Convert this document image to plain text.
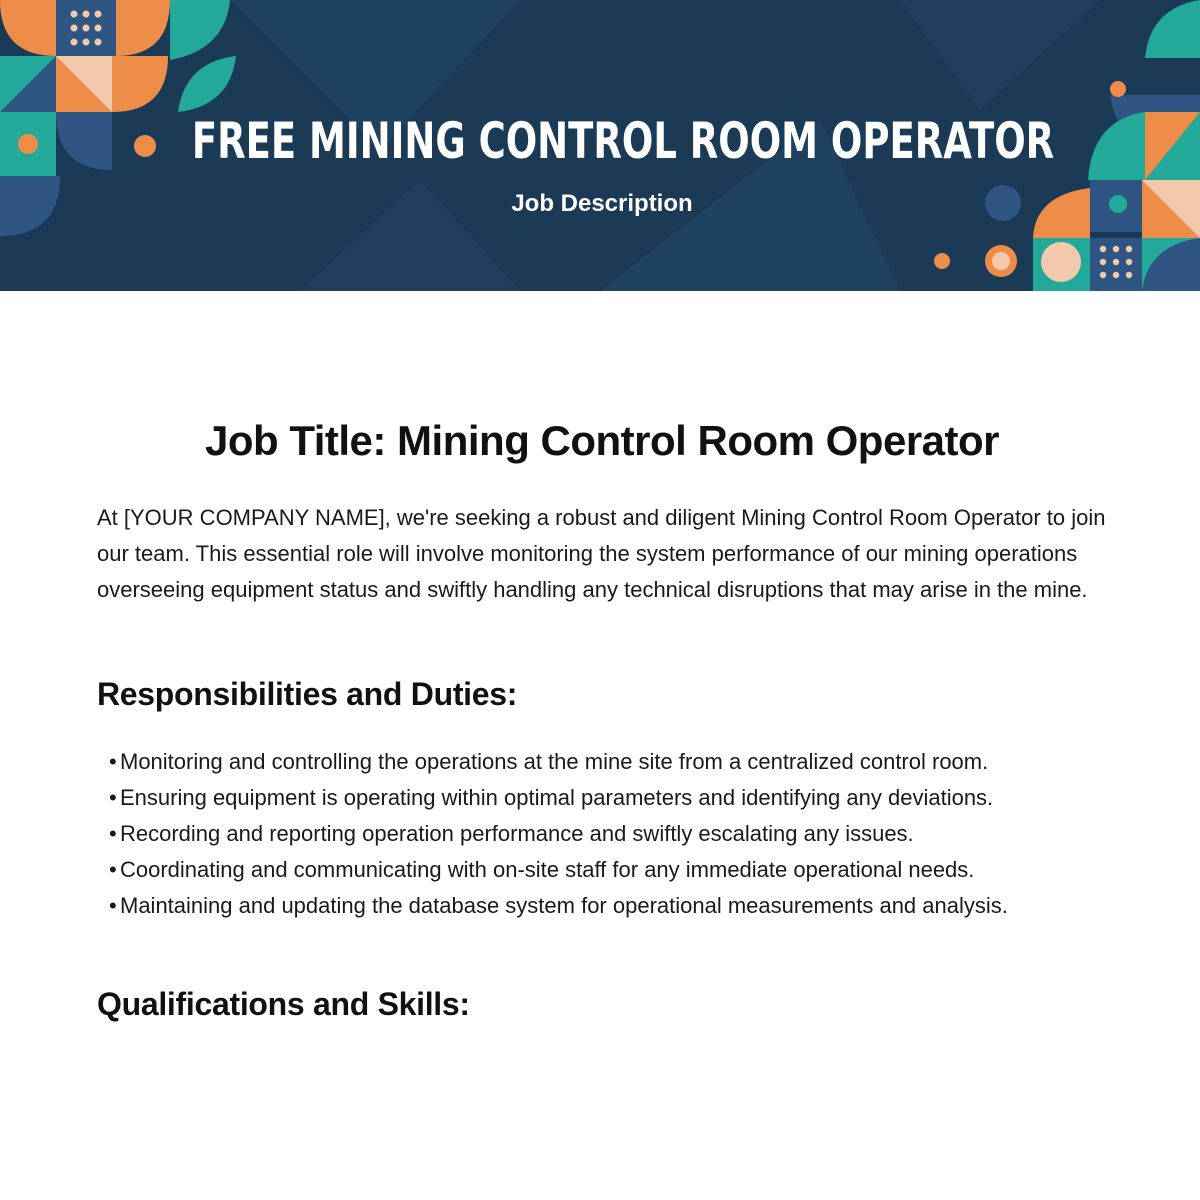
FREE MINING CONTROL ROOM OPERATOR
Job Description
Job Title: Mining Control Room Operator

At [YOUR COMPANY NAME], we're seeking a robust and diligent Mining Control Room Operator to join our team. This essential role will involve monitoring the system performance of our mining operations overseeing equipment status and swiftly handling any technical disruptions that may arise in the mine.

Responsibilities and Duties:
• Monitoring and controlling the operations at the mine site from a centralized control room.
• Ensuring equipment is operating within optimal parameters and identifying any deviations.
• Recording and reporting operation performance and swiftly escalating any issues.
• Coordinating and communicating with on-site staff for any immediate operational needs.
• Maintaining and updating the database system for operational measurements and analysis.
Qualifications and Skills:
